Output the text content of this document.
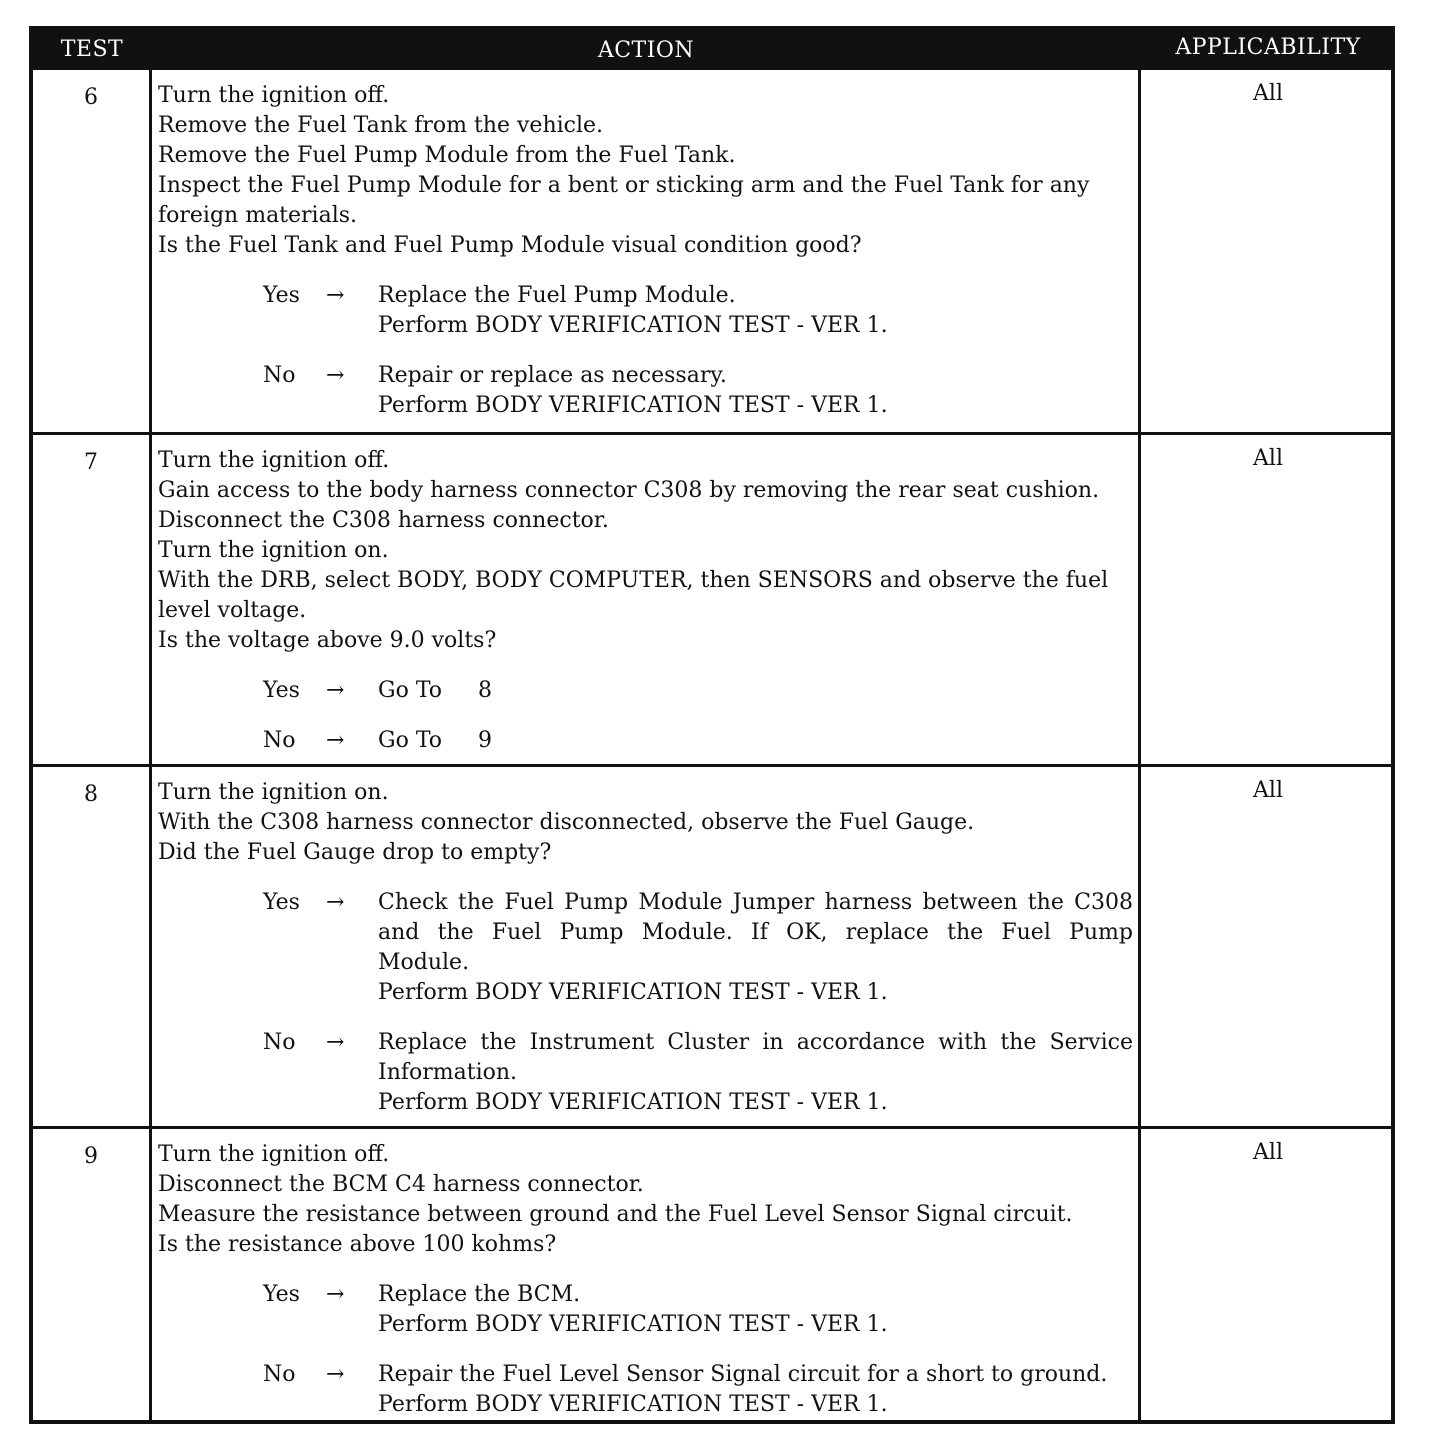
TEST	ACTION	APPLICABILITY
6	Turn the ignition off.

Remove the Fuel Tank from the vehicle.

Remove the Fuel Pump Module from the Fuel Tank.

Inspect the Fuel Pump Module for a bent or sticking arm and the Fuel Tank for any foreign materials.

Is the Fuel Tank and Fuel Pump Module visual condition good?

Yes → Replace the Fuel Pump Module.
Perform BODY VERIFICATION TEST - VER 1.
No → Repair or replace as necessary.
Perform BODY VERIFICATION TEST - VER 1.
All
7	Turn the ignition off.

Gain access to the body harness connector C308 by removing the rear seat cushion.

Disconnect the C308 harness connector.

Turn the ignition on.

With the DRB, select BODY, BODY COMPUTER, then SENSORS and observe the fuel level voltage.

Is the voltage above 9.0 volts?

Yes → Go To 8
No → Go To 9
All
8	Turn the ignition on.

With the C308 harness connector disconnected, observe the Fuel Gauge.

Did the Fuel Gauge drop to empty?

Yes → Check the Fuel Pump Module Jumper harness between the C308
and the Fuel Pump Module. If OK, replace the Fuel Pump
Module.
Perform BODY VERIFICATION TEST - VER 1.
No → Replace the Instrument Cluster in accordance with the Service
Information.
Perform BODY VERIFICATION TEST - VER 1.
All
9	Turn the ignition off.

Disconnect the BCM C4 harness connector.

Measure the resistance between ground and the Fuel Level Sensor Signal circuit.

Is the resistance above 100 kohms?

Yes → Replace the BCM.
Perform BODY VERIFICATION TEST - VER 1.
No → Repair the Fuel Level Sensor Signal circuit for a short to ground.
Perform BODY VERIFICATION TEST - VER 1.
All
